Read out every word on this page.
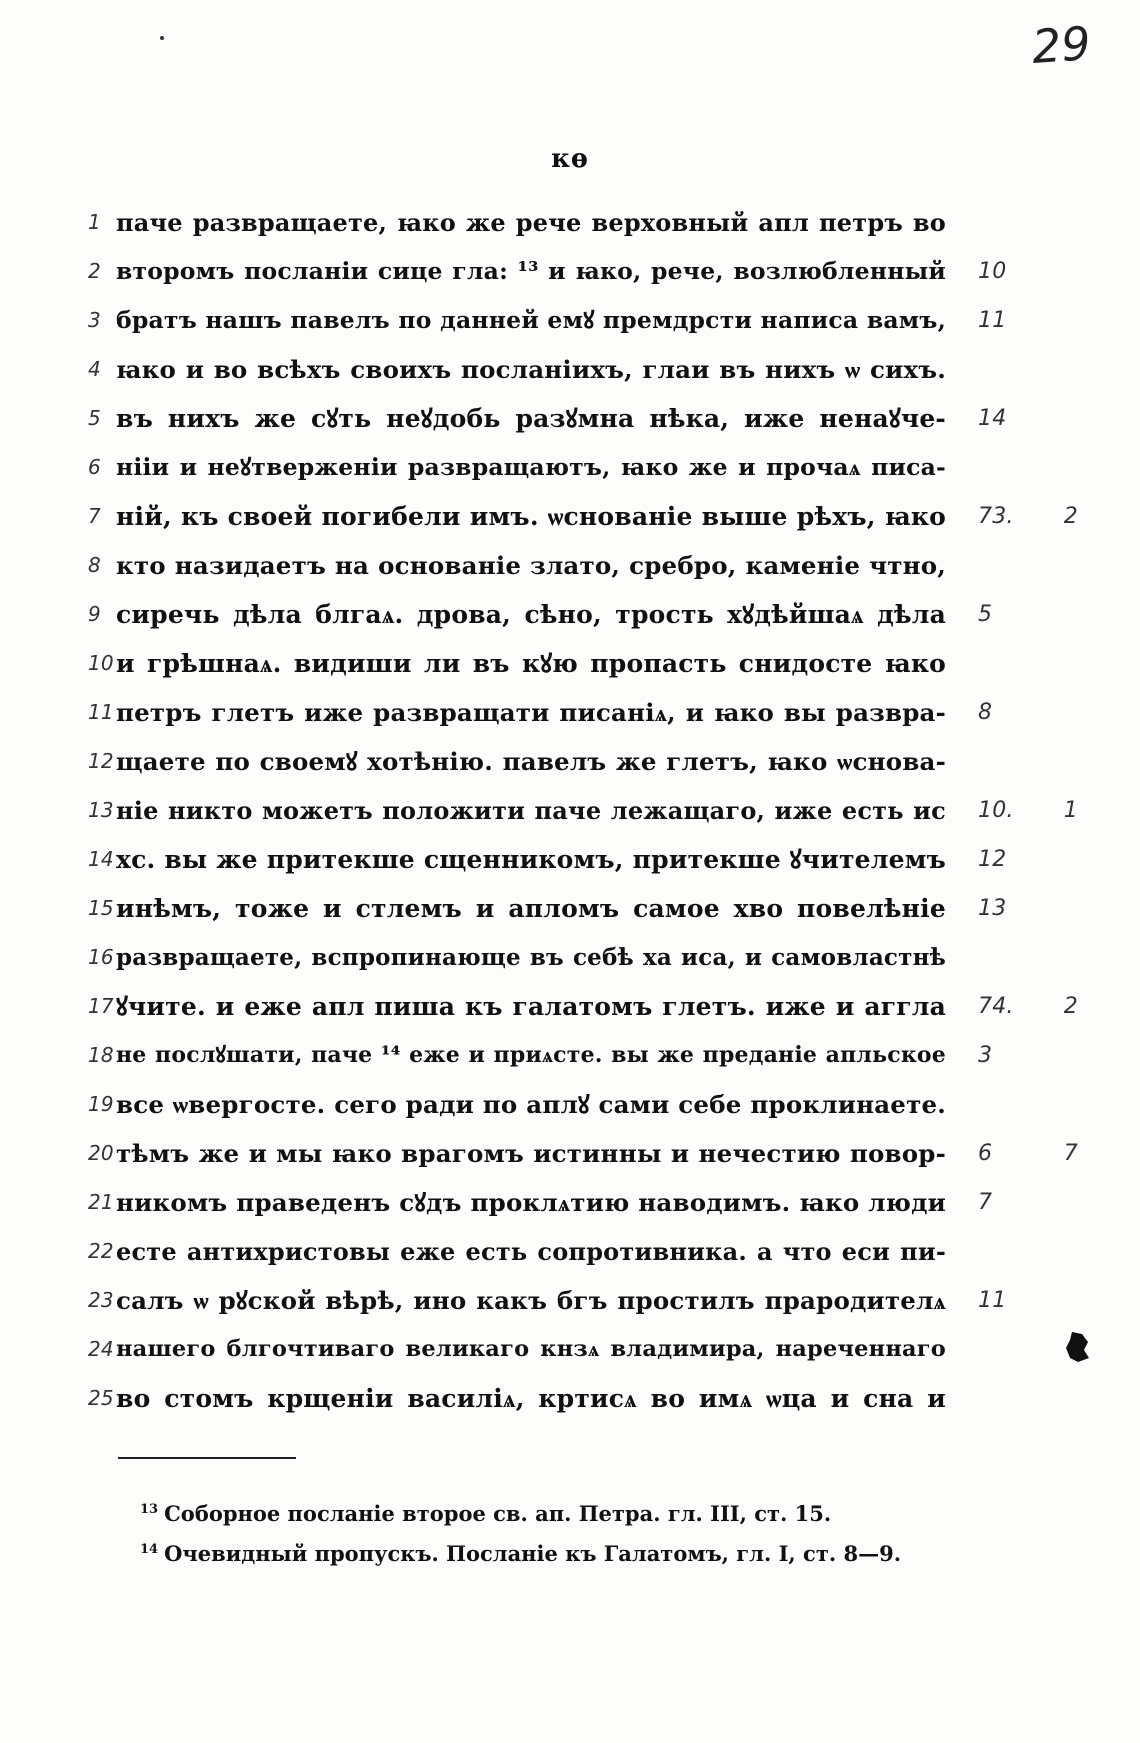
29
кѳ
1 паче развращаете, ꙗко же рече верховный апл петръ во
2 второмъ посланіи сице гла: ¹³ и ꙗко, рече, возлюбленный 10
3 братъ нашъ павелъ по данней емꙋ премдрсти написа вамъ, 11
4 ꙗко и во всѣхъ своихъ посланіихъ, глаи въ нихъ ѡ сихъ.
5 въ нихъ же сꙋть неꙋдобь разꙋмна нѣка, иже ненаꙋче- 14
6 нііи и неꙋтверженіи развращаютъ, ꙗко же и прочаѧ писа-
7 ній, къ своей погибели имъ. ѡснованіе выше рѣхъ, ꙗко 73. 2
8 кто назидаетъ на основаніе злато, сребро, каменіе чтно,
9 сиречь дѣла блгаѧ. дрова, сѣно, трость хꙋдѣйшаѧ дѣла 5
10 и грѣшнаѧ. видиши ли въ кꙋю пропасть снидосте ꙗко
11 петръ глетъ иже развращати писаніѧ, и ꙗко вы развра- 8
12 щаете по своемꙋ хотѣнію. павелъ же глетъ, ꙗко ѡснова-
13 ніе никто можетъ положити паче лежащаго, иже есть ис 10. 1
14 хс. вы же притекше сщенникомъ, притекше ꙋчителемъ 12
15 инѣмъ, тоже и стлемъ и апломъ самое хво повелѣніе 13
16 развращаете, вспропинающе въ себѣ ха иса, и самовластнѣ
17 ꙋчите. и еже апл пиша къ галатомъ глетъ. иже и аггла 74. 2
18 не послꙋшати, паче ¹⁴ еже и приѧсте. вы же преданіе апльское 3
19 все ѡвергосте. сего ради по аплꙋ сами себе проклинаете.
20 тѣмъ же и мы ꙗко врагомъ истинны и нечестию повор- 6 7
21 никомъ праведенъ сꙋдъ проклѧтию наводимъ. ꙗко люди 7
22 есте антихристовы еже есть сопротивника. а что еси пи-
23 салъ ѡ рꙋской вѣрѣ, ино какъ бгъ простилъ прародителѧ 11
24 нашего блгочтиваго великаго кнзѧ владимира, нареченнаго
25 во стомъ крщеніи василіѧ, кртисѧ во имѧ ѡца и сна и
$^{13}$ Соборное посланіе второе св. ап. Петра. гл. III, ст. 15.
$^{14}$ Очевидный пропускъ. Посланіе къ Галатомъ, гл. I, ст. 8—9.
